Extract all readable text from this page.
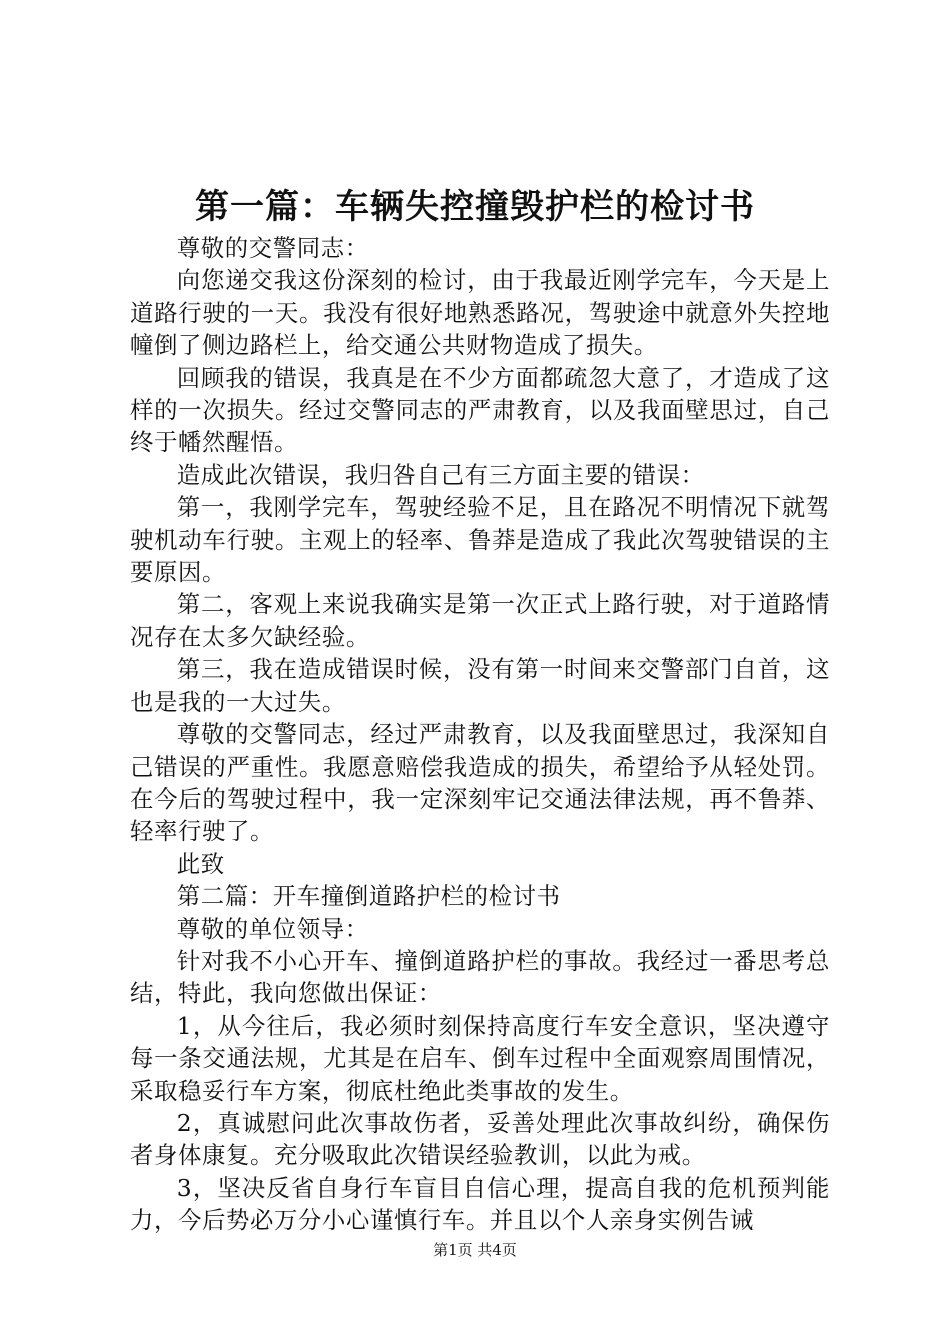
第一篇：车辆失控撞毁护栏的检讨书

尊敬的交警同志：

向您递交我这份深刻的检讨，由于我最近刚学完车，今天是上道路行驶的一天。我没有很好地熟悉路况，驾驶途中就意外失控地幢倒了侧边路栏上，给交通公共财物造成了损失。

回顾我的错误，我真是在不少方面都疏忽大意了，才造成了这样的一次损失。经过交警同志的严肃教育，以及我面壁思过，自己终于幡然醒悟。

造成此次错误，我归咎自己有三方面主要的错误：

第一，我刚学完车，驾驶经验不足，且在路况不明情况下就驾驶机动车行驶。主观上的轻率、鲁莽是造成了我此次驾驶错误的主要原因。

第二，客观上来说我确实是第一次正式上路行驶，对于道路情况存在太多欠缺经验。

第三，我在造成错误时候，没有第一时间来交警部门自首，这也是我的一大过失。

尊敬的交警同志，经过严肃教育，以及我面壁思过，我深知自己错误的严重性。我愿意赔偿我造成的损失，希望给予从轻处罚。在今后的驾驶过程中，我一定深刻牢记交通法律法规，再不鲁莽、轻率行驶了。

此致

第二篇：开车撞倒道路护栏的检讨书

尊敬的单位领导：

针对我不小心开车、撞倒道路护栏的事故。我经过一番思考总结，特此，我向您做出保证：

1，从今往后，我必须时刻保持高度行车安全意识，坚决遵守每一条交通法规，尤其是在启车、倒车过程中全面观察周围情况，采取稳妥行车方案，彻底杜绝此类事故的发生。

2，真诚慰问此次事故伤者，妥善处理此次事故纠纷，确保伤者身体康复。充分吸取此次错误经验教训，以此为戒。

3，坚决反省自身行车盲目自信心理，提高自我的危机预判能力，今后势必万分小心谨慎行车。并且以个人亲身实例告诫

第1页 共4页
